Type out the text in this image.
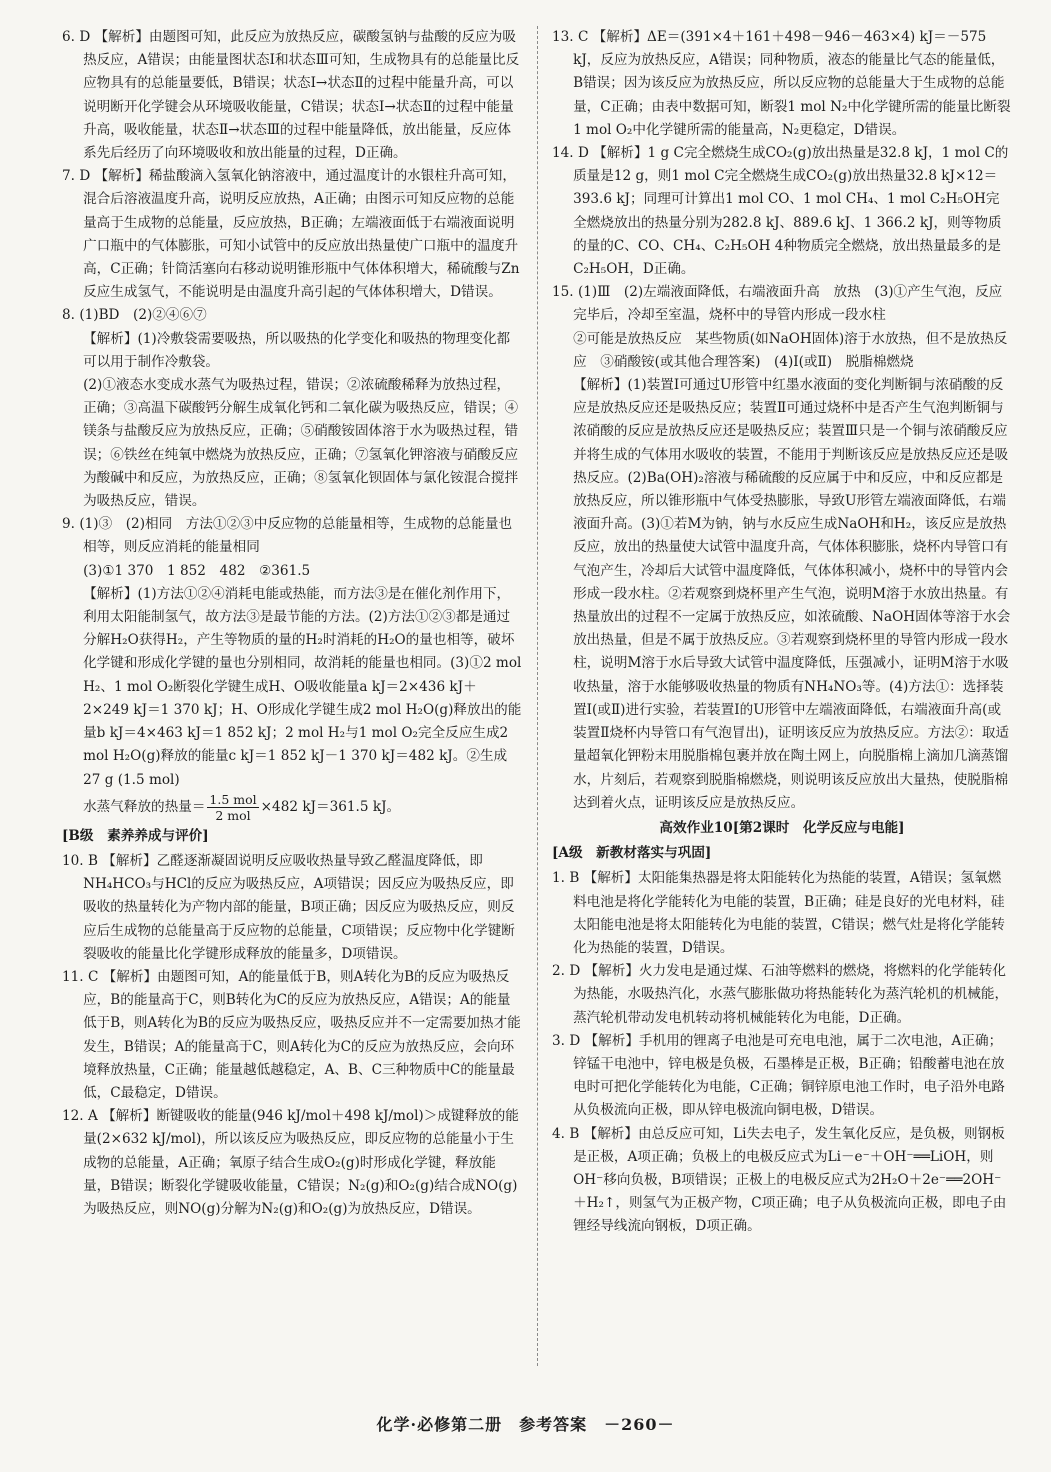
6. D 【解析】由题图可知，此反应为放热反应，碳酸氢钠与盐酸的反应为吸热反应，A错误；由能量图状态Ⅰ和状态Ⅲ可知，生成物具有的总能量比反应物具有的总能量要低，B错误；状态Ⅰ→状态Ⅱ的过程中能量升高，可以说明断开化学键会从环境吸收能量，C错误；状态Ⅰ→状态Ⅱ的过程中能量升高，吸收能量，状态Ⅱ→状态Ⅲ的过程中能量降低，放出能量，反应体系先后经历了向环境吸收和放出能量的过程，D正确。

7. D 【解析】稀盐酸滴入氢氧化钠溶液中，通过温度计的水银柱升高可知，混合后溶液温度升高，说明反应放热，A正确；由图示可知反应物的总能量高于生成物的总能量，反应放热，B正确；左端液面低于右端液面说明广口瓶中的气体膨胀，可知小试管中的反应放出热量使广口瓶中的温度升高，C正确；针筒活塞向右移动说明锥形瓶中气体体积增大，稀硫酸与Zn反应生成氢气，不能说明是由温度升高引起的气体体积增大，D错误。

8. (1)BD　(2)②④⑥⑦

【解析】(1)冷敷袋需要吸热，所以吸热的化学变化和吸热的物理变化都可以用于制作冷敷袋。

(2)①液态水变成水蒸气为吸热过程，错误；②浓硫酸稀释为放热过程，正确；③高温下碳酸钙分解生成氧化钙和二氧化碳为吸热反应，错误；④镁条与盐酸反应为放热反应，正确；⑤硝酸铵固体溶于水为吸热过程，错误；⑥铁丝在纯氧中燃烧为放热反应，正确；⑦氢氧化钾溶液与硝酸反应为酸碱中和反应，为放热反应，正确；⑧氢氧化钡固体与氯化铵混合搅拌为吸热反应，错误。

9. (1)③　(2)相同　方法①②③中反应物的总能量相等，生成物的总能量也相等，则反应消耗的能量相同

(3)①1 370　1 852　482　②361.5

【解析】(1)方法①②④消耗电能或热能，而方法③是在催化剂作用下，利用太阳能制氢气，故方法③是最节能的方法。(2)方法①②③都是通过分解H₂O获得H₂，产生等物质的量的H₂时消耗的H₂O的量也相等，破坏化学键和形成化学键的量也分别相同，故消耗的能量也相同。(3)①2 mol H₂、1 mol O₂断裂化学键生成H、O吸收能量a kJ＝2×436 kJ＋2×249 kJ＝1 370 kJ；H、O形成化学键生成2 mol H₂O(g)释放出的能量b kJ＝4×463 kJ＝1 852 kJ；2 mol H₂与1 mol O₂完全反应生成2 mol H₂O(g)释放的能量c kJ＝1 852 kJ－1 370 kJ＝482 kJ。②生成27 g (1.5 mol)

水蒸气释放的热量＝ $\frac{\text{1.5 mol}}{\text{2 mol}} \times 482$ kJ＝361.5 kJ。

[B级　素养养成与评价]

10. B 【解析】乙醛逐渐凝固说明反应吸收热量导致乙醛温度降低，即NH₄HCO₃与HCl的反应为吸热反应，A项错误；因反应为吸热反应，即吸收的热量转化为产物内部的能量，B项正确；因反应为吸热反应，则反应后生成物的总能量高于反应物的总能量，C项错误；反应物中化学键断裂吸收的能量比化学键形成释放的能量多，D项错误。

11. C 【解析】由题图可知，A的能量低于B，则A转化为B的反应为吸热反应，B的能量高于C，则B转化为C的反应为放热反应，A错误；A的能量低于B，则A转化为B的反应为吸热反应，吸热反应并不一定需要加热才能发生，B错误；A的能量高于C，则A转化为C的反应为放热反应，会向环境释放热量，C正确；能量越低越稳定，A、B、C三种物质中C的能量最低，C最稳定，D错误。

12. A 【解析】断键吸收的能量(946 kJ/mol＋498 kJ/mol)＞成键释放的能量(2×632 kJ/mol)，所以该反应为吸热反应，即反应物的总能量小于生成物的总能量，A正确；氧原子结合生成O₂(g)时形成化学键，释放能量，B错误；断裂化学键吸收能量，C错误；N₂(g)和O₂(g)结合成NO(g)为吸热反应，则NO(g)分解为N₂(g)和O₂(g)为放热反应，D错误。

13. C 【解析】ΔE＝(391×4＋161＋498－946－463×4) kJ＝－575 kJ，反应为放热反应，A错误；同种物质，液态的能量比气态的能量低，B错误；因为该反应为放热反应，所以反应物的总能量大于生成物的总能量，C正确；由表中数据可知，断裂1 mol N₂中化学键所需的能量比断裂1 mol O₂中化学键所需的能量高，N₂更稳定，D错误。

14. D 【解析】1 g C完全燃烧生成CO₂(g)放出热量是32.8 kJ，1 mol C的质量是12 g，则1 mol C完全燃烧生成CO₂(g)放出热量32.8 kJ×12＝393.6 kJ；同理可计算出1 mol CO、1 mol CH₄、1 mol C₂H₅OH完全燃烧放出的热量分别为282.8 kJ、889.6 kJ、1 366.2 kJ，则等物质的量的C、CO、CH₄、C₂H₅OH 4种物质完全燃烧，放出热量最多的是C₂H₅OH，D正确。

15. (1)Ⅲ　(2)左端液面降低，右端液面升高　放热　(3)①产生气泡，反应完毕后，冷却至室温，烧杯中的导管内形成一段水柱

②可能是放热反应　某些物质(如NaOH固体)溶于水放热，但不是放热反应　③硝酸铵(或其他合理答案)　(4)Ⅰ(或Ⅱ)　脱脂棉燃烧

【解析】(1)装置Ⅰ可通过U形管中红墨水液面的变化判断铜与浓硝酸的反应是放热反应还是吸热反应；装置Ⅱ可通过烧杯中是否产生气泡判断铜与浓硝酸的反应是放热反应还是吸热反应；装置Ⅲ只是一个铜与浓硝酸反应并将生成的气体用水吸收的装置，不能用于判断该反应是放热反应还是吸热反应。(2)Ba(OH)₂溶液与稀硫酸的反应属于中和反应，中和反应都是放热反应，所以锥形瓶中气体受热膨胀，导致U形管左端液面降低，右端液面升高。(3)①若M为钠，钠与水反应生成NaOH和H₂，该反应是放热反应，放出的热量使大试管中温度升高，气体体积膨胀，烧杯内导管口有气泡产生，冷却后大试管中温度降低，气体体积减小，烧杯中的导管内会形成一段水柱。②若观察到烧杯里产生气泡，说明M溶于水放出热量。有热量放出的过程不一定属于放热反应，如浓硫酸、NaOH固体等溶于水会放出热量，但是不属于放热反应。③若观察到烧杯里的导管内形成一段水柱，说明M溶于水后导致大试管中温度降低，压强减小，证明M溶于水吸收热量，溶于水能够吸收热量的物质有NH₄NO₃等。(4)方法①：选择装置Ⅰ(或Ⅱ)进行实验，若装置Ⅰ的U形管中左端液面降低，右端液面升高(或装置Ⅱ烧杯内导管口有气泡冒出)，证明该反应为放热反应。方法②：取适量超氧化钾粉末用脱脂棉包裹并放在陶土网上，向脱脂棉上滴加几滴蒸馏水，片刻后，若观察到脱脂棉燃烧，则说明该反应放出大量热，使脱脂棉达到着火点，证明该反应是放热反应。

高效作业10[第2课时　化学反应与电能]

[A级　新教材落实与巩固]

1. B 【解析】太阳能集热器是将太阳能转化为热能的装置，A错误；氢氧燃料电池是将化学能转化为电能的装置，B正确；硅是良好的光电材料，硅太阳能电池是将太阳能转化为电能的装置，C错误；燃气灶是将化学能转化为热能的装置，D错误。

2. D 【解析】火力发电是通过煤、石油等燃料的燃烧，将燃料的化学能转化为热能，水吸热汽化，水蒸气膨胀做功将热能转化为蒸汽轮机的机械能，蒸汽轮机带动发电机转动将机械能转化为电能，D正确。

3. D 【解析】手机用的锂离子电池是可充电电池，属于二次电池，A正确；锌锰干电池中，锌电极是负极，石墨棒是正极，B正确；铅酸蓄电池在放电时可把化学能转化为电能，C正确；铜锌原电池工作时，电子沿外电路从负极流向正极，即从锌电极流向铜电极，D错误。

4. B 【解析】由总反应可知，Li失去电子，发生氧化反应，是负极，则钢板是正极，A项正确；负极上的电极反应式为Li－e⁻＋OH⁻══LiOH，则OH⁻移向负极，B项错误；正极上的电极反应式为2H₂O＋2e⁻══2OH⁻＋H₂↑，则氢气为正极产物，C项正确；电子从负极流向正极，即电子由锂经导线流向钢板，D项正确。

化学·必修第二册　参考答案　－260－
